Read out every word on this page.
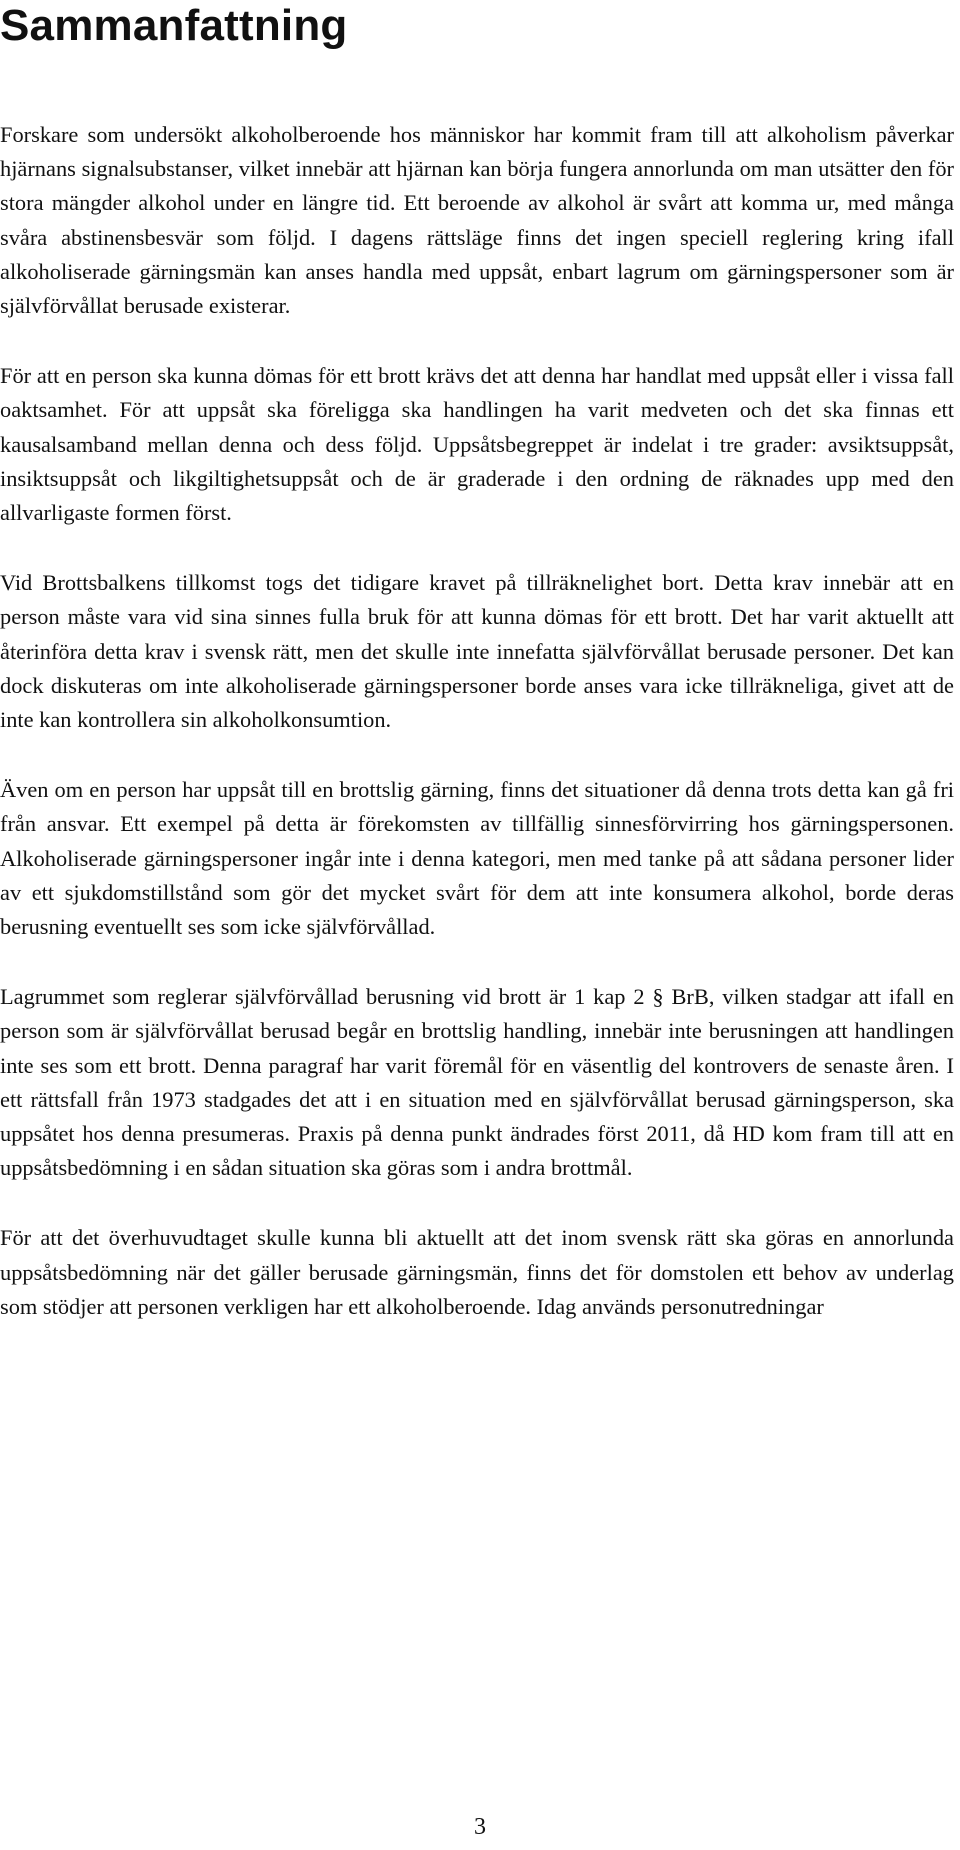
Sammanfattning

Forskare som undersökt alkoholberoende hos människor har kommit fram till att alkoholism påverkar hjärnans signalsubstanser, vilket innebär att hjärnan kan börja fungera annorlunda om man utsätter den för stora mängder alkohol under en längre tid. Ett beroende av alkohol är svårt att komma ur, med många svåra abstinensbesvär som följd. I dagens rättsläge finns det ingen speciell reglering kring ifall alkoholiserade gärningsmän kan anses handla med uppsåt, enbart lagrum om gärningspersoner som är självförvållat berusade existerar.

För att en person ska kunna dömas för ett brott krävs det att denna har handlat med uppsåt eller i vissa fall oaktsamhet. För att uppsåt ska föreligga ska handlingen ha varit medveten och det ska finnas ett kausalsamband mellan denna och dess följd. Uppsåtsbegreppet är indelat i tre grader: avsiktsuppsåt, insiktsuppsåt och likgiltighetsuppsåt och de är graderade i den ordning de räknades upp med den allvarligaste formen först.

Vid Brottsbalkens tillkomst togs det tidigare kravet på tillräknelighet bort. Detta krav innebär att en person måste vara vid sina sinnes fulla bruk för att kunna dömas för ett brott. Det har varit aktuellt att återinföra detta krav i svensk rätt, men det skulle inte innefatta självförvållat berusade personer. Det kan dock diskuteras om inte alkoholiserade gärningspersoner borde anses vara icke tillräkneliga, givet att de inte kan kontrollera sin alkoholkonsumtion.

Även om en person har uppsåt till en brottslig gärning, finns det situationer då denna trots detta kan gå fri från ansvar. Ett exempel på detta är förekomsten av tillfällig sinnesförvirring hos gärningspersonen. Alkoholiserade gärningspersoner ingår inte i denna kategori, men med tanke på att sådana personer lider av ett sjukdomstillstånd som gör det mycket svårt för dem att inte konsumera alkohol, borde deras berusning eventuellt ses som icke självförvållad.

Lagrummet som reglerar självförvållad berusning vid brott är 1 kap 2 § BrB, vilken stadgar att ifall en person som är självförvållat berusad begår en brottslig handling, innebär inte berusningen att handlingen inte ses som ett brott. Denna paragraf har varit föremål för en väsentlig del kontrovers de senaste åren. I ett rättsfall från 1973 stadgades det att i en situation med en självförvållat berusad gärningsperson, ska uppsåtet hos denna presumeras. Praxis på denna punkt ändrades först 2011, då HD kom fram till att en uppsåtsbedömning i en sådan situation ska göras som i andra brottmål.

För att det överhuvudtaget skulle kunna bli aktuellt att det inom svensk rätt ska göras en annorlunda uppsåtsbedömning när det gäller berusade gärningsmän, finns det för domstolen ett behov av underlag som stödjer att personen verkligen har ett alkoholberoende. Idag används personutredningar

3
